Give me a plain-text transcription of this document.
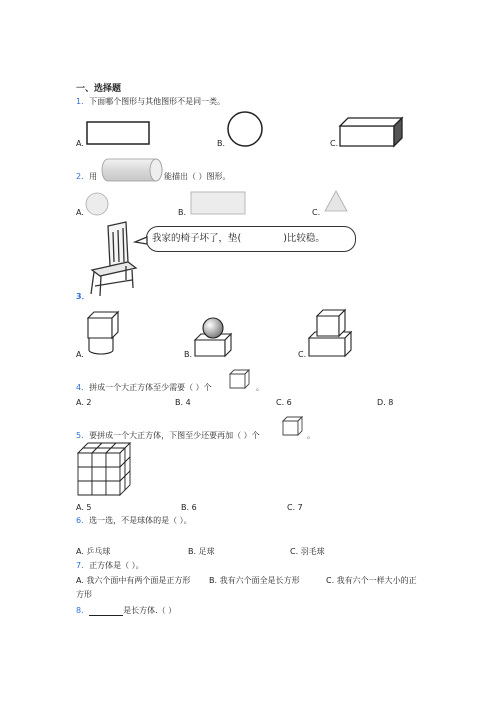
一、选择题
1．下面哪个图形与其他图形不是同一类。
A.	B.	C.
2．用	能描出（ ）图形。
A.	B.	C.
我家的椅子坏了，垫(	)比较稳。
3．
A.	B.	C.
4．拼成一个大正方体至少需要（ ）个	。
A. 2	B. 4	C. 6	D. 8
5．要拼成一个大正方体，下图至少还要再加（ ）个	。
A. 5	B. 6	C. 7
6．选一选，不是球体的是（ ）。
A. 乒乓球	B. 足球	C. 羽毛球
7．正方体是（ ）。
A. 我六个面中有两个面是正方形 B. 我有六个面全是长方形	C. 我有六个一样大小的正
方形
8．	是长方体.（ ）
